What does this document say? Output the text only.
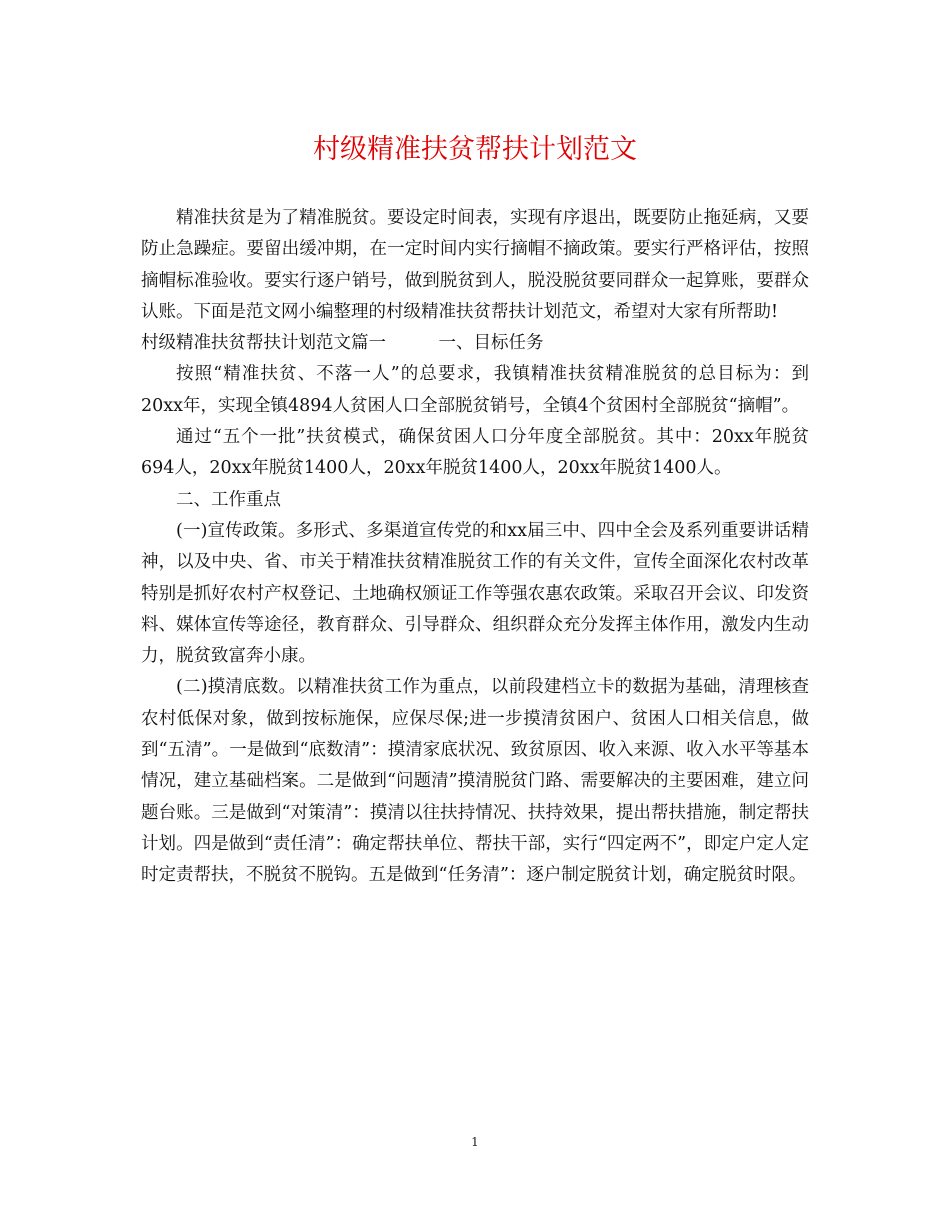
村级精准扶贫帮扶计划范文

精准扶贫是为了精准脱贫。要设定时间表，实现有序退出，既要防止拖延病，又要防止急躁症。要留出缓冲期，在一定时间内实行摘帽不摘政策。要实行严格评估，按照摘帽标准验收。要实行逐户销号，做到脱贫到人，脱没脱贫要同群众一起算账，要群众认账。下面是范文网小编整理的村级精准扶贫帮扶计划范文，希望对大家有所帮助!

村级精准扶贫帮扶计划范文篇一　　　一、目标任务

按照“精准扶贫、不落一人”的总要求，我镇精准扶贫精准脱贫的总目标为：到20xx年，实现全镇4894人贫困人口全部脱贫销号，全镇4个贫困村全部脱贫“摘帽”。

通过“五个一批”扶贫模式，确保贫困人口分年度全部脱贫。其中：20xx年脱贫694人，20xx年脱贫1400人，20xx年脱贫1400人，20xx年脱贫1400人。

二、工作重点

(一)宣传政策。多形式、多渠道宣传党的和xx届三中、四中全会及系列重要讲话精神，以及中央、省、市关于精准扶贫精准脱贫工作的有关文件，宣传全面深化农村改革特别是抓好农村产权登记、土地确权颁证工作等强农惠农政策。采取召开会议、印发资料、媒体宣传等途径，教育群众、引导群众、组织群众充分发挥主体作用，激发内生动力，脱贫致富奔小康。

(二)摸清底数。以精准扶贫工作为重点，以前段建档立卡的数据为基础，清理核查农村低保对象，做到按标施保，应保尽保;进一步摸清贫困户、贫困人口相关信息，做到“五清”。一是做到“底数清”：摸清家底状况、致贫原因、收入来源、收入水平等基本情况，建立基础档案。二是做到“问题清”摸清脱贫门路、需要解决的主要困难，建立问题台账。三是做到“对策清”：摸清以往扶持情况、扶持效果，提出帮扶措施，制定帮扶计划。四是做到“责任清”：确定帮扶单位、帮扶干部，实行“四定两不”，即定户定人定时定责帮扶，不脱贫不脱钩。五是做到“任务清”：逐户制定脱贫计划，确定脱贫时限。

1
